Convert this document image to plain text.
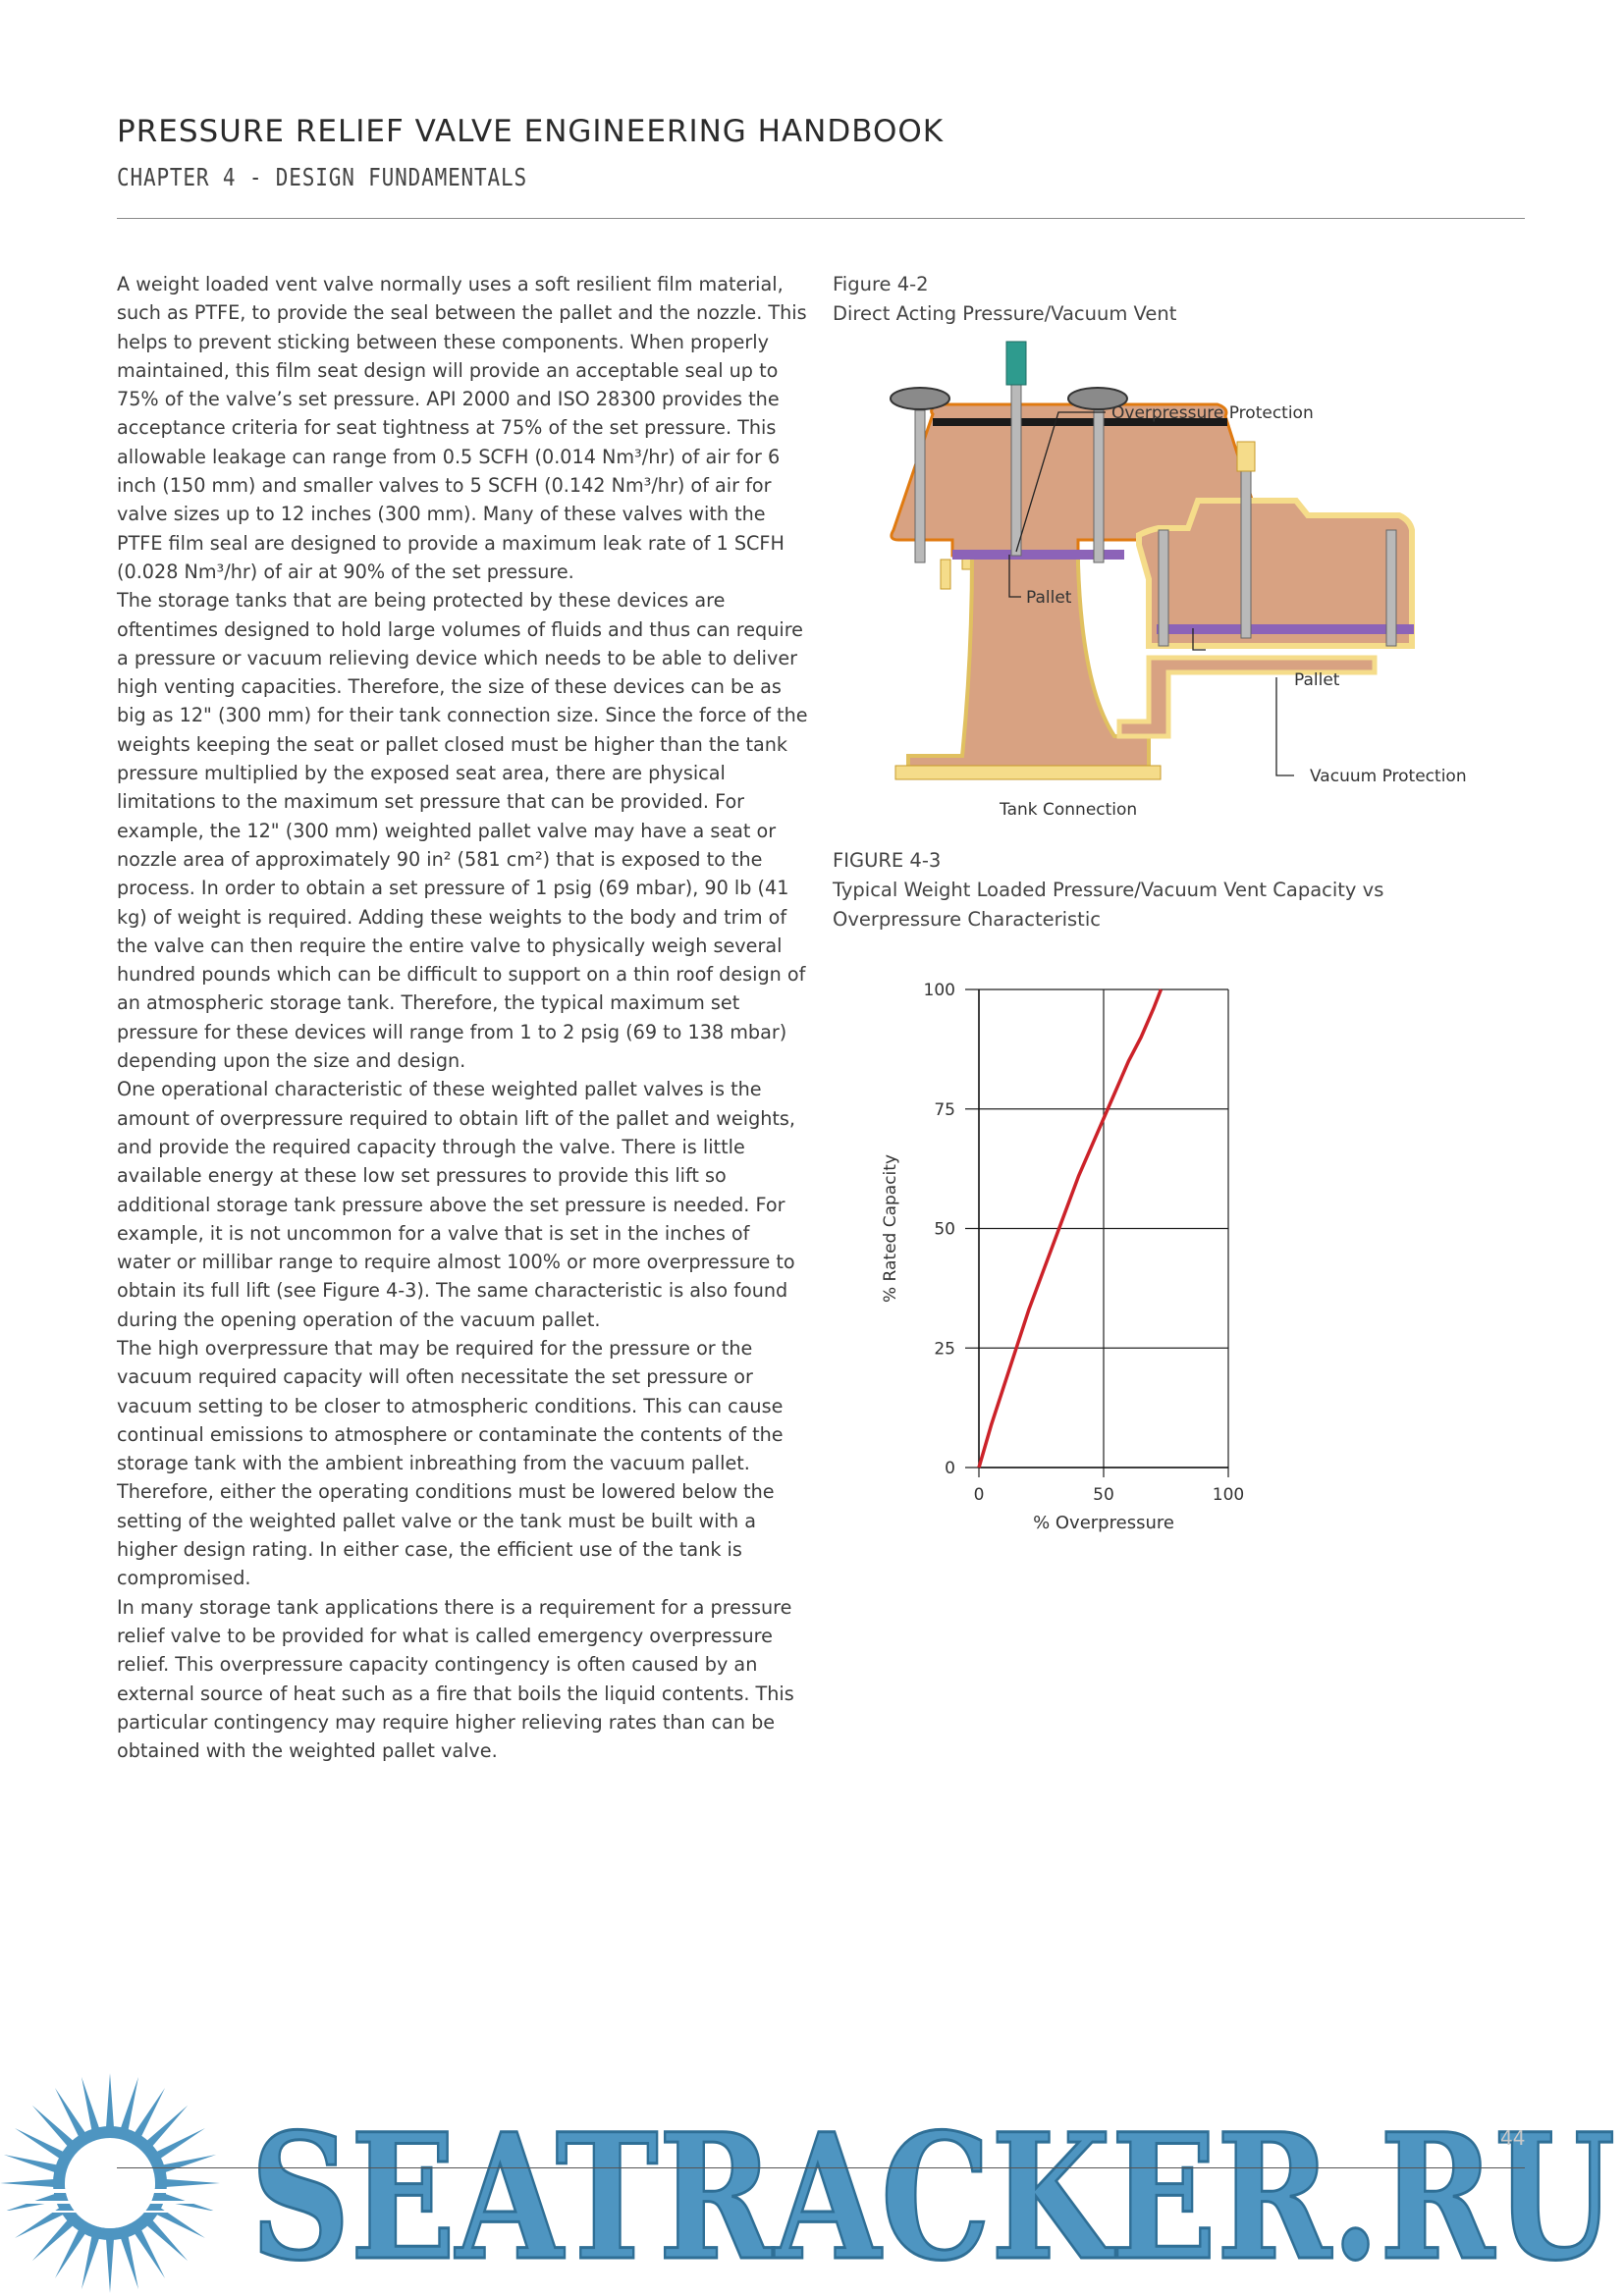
PRESSURE RELIEF VALVE ENGINEERING HANDBOOK
CHAPTER 4 - DESIGN FUNDAMENTALS

A weight loaded vent valve normally uses a soft resilient film material, such as PTFE, to provide the seal between the pallet and the nozzle. This helps to prevent sticking between these components. When properly maintained, this film seat design will provide an acceptable seal up to 75% of the valve’s set pressure. API 2000 and ISO 28300 provides the acceptance criteria for seat tightness at 75% of the set pressure. This allowable leakage can range from 0.5 SCFH (0.014 Nm³/hr) of air for 6 inch (150 mm) and smaller valves to 5 SCFH (0.142 Nm³/hr) of air for valve sizes up to 12 inches (300 mm). Many of these valves with the PTFE film seal are designed to provide a maximum leak rate of 1 SCFH (0.028 Nm³/hr) of air at 90% of the set pressure.

The storage tanks that are being protected by these devices are oftentimes designed to hold large volumes of fluids and thus can require a pressure or vacuum relieving device which needs to be able to deliver high venting capacities. Therefore, the size of these devices can be as big as 12" (300 mm) for their tank connection size. Since the force of the weights keeping the seat or pallet closed must be higher than the tank pressure multiplied by the exposed seat area, there are physical limitations to the maximum set pressure that can be provided. For example, the 12" (300 mm) weighted pallet valve may have a seat or nozzle area of approximately 90 in² (581 cm²) that is exposed to the process. In order to obtain a set pressure of 1 psig (69 mbar), 90 lb (41 kg) of weight is required. Adding these weights to the body and trim of the valve can then require the entire valve to physically weigh several hundred pounds which can be difficult to support on a thin roof design of an atmospheric storage tank. Therefore, the typical maximum set pressure for these devices will range from 1 to 2 psig (69 to 138 mbar) depending upon the size and design.

One operational characteristic of these weighted pallet valves is the amount of overpressure required to obtain lift of the pallet and weights, and provide the required capacity through the valve. There is little available energy at these low set pressures to provide this lift so additional storage tank pressure above the set pressure is needed. For example, it is not uncommon for a valve that is set in the inches of water or millibar range to require almost 100% or more overpressure to obtain its full lift (see Figure 4-3). The same characteristic is also found during the opening operation of the vacuum pallet.

The high overpressure that may be required for the pressure or the vacuum required capacity will often necessitate the set pressure or vacuum setting to be closer to atmospheric conditions. This can cause continual emissions to atmosphere or contaminate the contents of the storage tank with the ambient inbreathing from the vacuum pallet. Therefore, either the operating conditions must be lowered below the setting of the weighted pallet valve or the tank must be built with a higher design rating. In either case, the efficient use of the tank is compromised.

In many storage tank applications there is a requirement for a pressure relief valve to be provided for what is called emergency overpressure relief. This overpressure capacity contingency is often caused by an external source of heat such as a fire that boils the liquid contents. This particular contingency may require higher relieving rates than can be obtained with the weighted pallet valve.

Figure 4-2
Direct Acting Pressure/Vacuum Vent
Overpressure Protection
Pallet
Pallet
Vacuum Protection
Tank Connection
FIGURE 4-3
Typical Weight Loaded Pressure/Vacuum Vent Capacity vs
Overpressure Characteristic
0
25
50
75
100
0	50	100
% Overpressure
% Rated Capacity
SEATRACKER.RU
44
